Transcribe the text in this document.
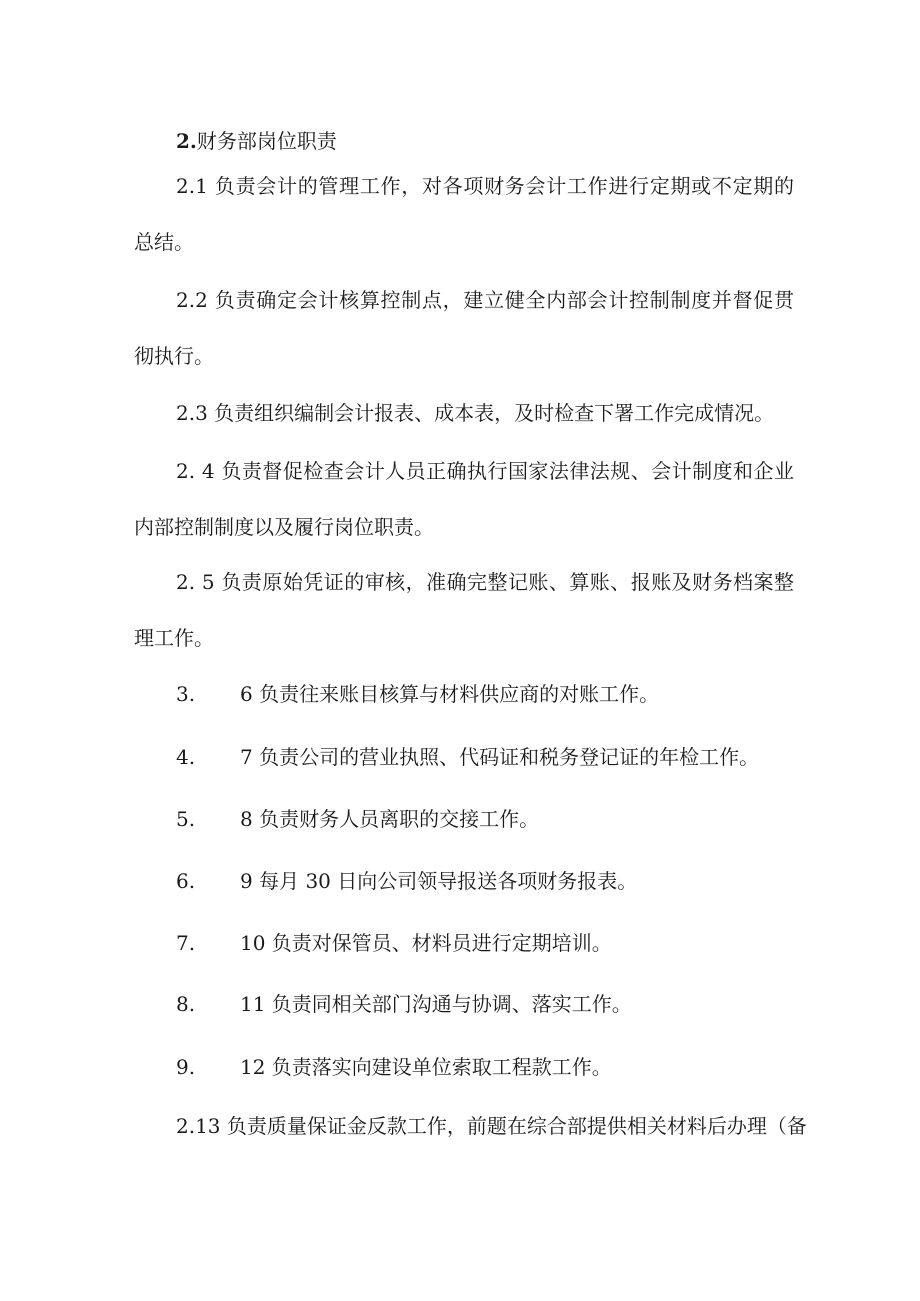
2.财务部岗位职责
2.1 负责会计的管理工作，对各项财务会计工作进行定期或不定期的总结。
2.2 负责确定会计核算控制点，建立健全内部会计控制制度并督促贯彻执行。
2.3 负责组织编制会计报表、成本表，及时检查下署工作完成情况。
2. 4 负责督促检查会计人员正确执行国家法律法规、会计制度和企业内部控制制度以及履行岗位职责。
2. 5 负责原始凭证的审核，准确完整记账、算账、报账及财务档案整理工作。
3. 6 负责往来账目核算与材料供应商的对账工作。
4. 7 负责公司的营业执照、代码证和税务登记证的年检工作。
5. 8 负责财务人员离职的交接工作。
6. 9 每月 30 日向公司领导报送各项财务报表。
7. 10 负责对保管员、材料员进行定期培训。
8. 11 负责同相关部门沟通与协调、落实工作。
9. 12 负责落实向建设单位索取工程款工作。
2.13 负责质量保证金反款工作，前题在综合部提供相关材料后办理（备
